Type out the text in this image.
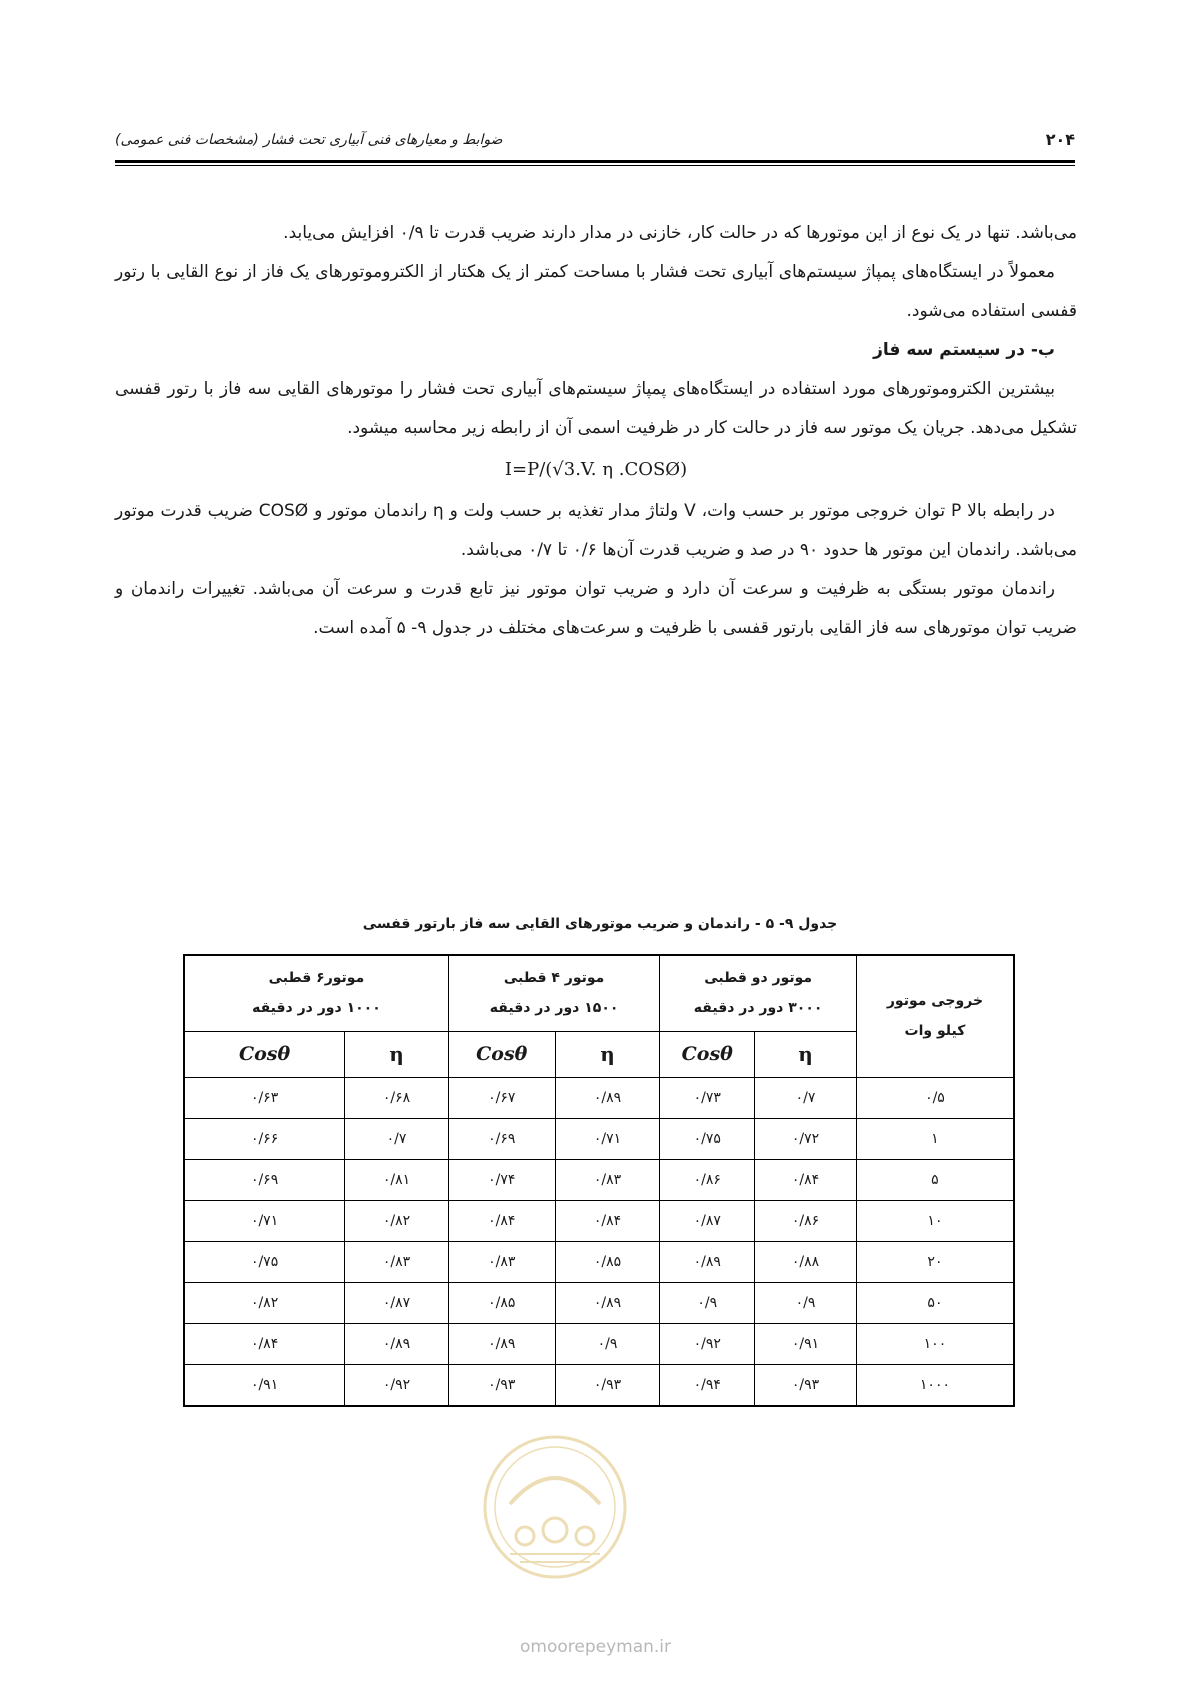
۲۰۴
ضوابط و معیارهای فنی آبیاری تحت فشار (مشخصات فنی عمومی)

می‌باشد. تنها در یک نوع از این موتورها که در حالت کار، خازنی در مدار دارند ضریب قدرت تا ۰/۹ افزایش می‌یابد.

معمولاً در ایستگاه‌های پمپاژ سیستم‌های آبیاری تحت فشار با مساحت کمتر از یک هکتار از الکتروموتورهای یک فاز از نوع القایی با رتور قفسی استفاده می‌شود.

ب- در سیستم سه فاز

بیشترین الکتروموتورهای مورد استفاده در ایستگاه‌های پمپاژ سیستم‌های آبیاری تحت فشار را موتورهای القایی سه فاز با رتور قفسی تشکیل می‌دهد. جریان یک موتور سه فاز در حالت کار در ظرفیت اسمی آن از رابطه زیر محاسبه میشود.

I=P/(√3.V. η .COSØ)

در رابطه بالا P توان خروجی موتور بر حسب وات، V ولتاژ مدار تغذیه بر حسب ولت و η راندمان موتور و COSØ ضریب قدرت موتور می‌باشد. راندمان این موتور ها حدود ۹۰ در صد و ضریب قدرت آن‌ها ۰/۶ تا ۰/۷ می‌باشد.

راندمان موتور بستگی به ظرفیت و سرعت آن دارد و ضریب توان موتور نیز تابع قدرت و سرعت آن می‌باشد. تغییرات راندمان و ضریب توان موتورهای سه فاز القایی بارتور قفسی با ظرفیت و سرعت‌های مختلف در جدول ۹- ۵ آمده است.

جدول ۹- ۵ - راندمان و ضریب موتورهای القایی سه فاز بارتور قفسی
خروجی موتور
کیلو وات	موتور دو قطبی
۳۰۰۰ دور در دقیقه		موتور ۴ قطبی
۱۵۰۰ دور در دقیقه		موتور۶ قطبی
۱۰۰۰ دور در دقیقه	

	η	Cosθ	η	Cosθ	η	Cosθ
۰/۵	۰/۷	۰/۷۳	۰/۸۹	۰/۶۷	۰/۶۸	۰/۶۳
۱	۰/۷۲	۰/۷۵	۰/۷۱	۰/۶۹	۰/۷	۰/۶۶
۵	۰/۸۴	۰/۸۶	۰/۸۳	۰/۷۴	۰/۸۱	۰/۶۹
۱۰	۰/۸۶	۰/۸۷	۰/۸۴	۰/۸۴	۰/۸۲	۰/۷۱
۲۰	۰/۸۸	۰/۸۹	۰/۸۵	۰/۸۳	۰/۸۳	۰/۷۵
۵۰	۰/۹	۰/۹	۰/۸۹	۰/۸۵	۰/۸۷	۰/۸۲
۱۰۰	۰/۹۱	۰/۹۲	۰/۹	۰/۸۹	۰/۸۹	۰/۸۴
۱۰۰۰	۰/۹۳	۰/۹۴	۰/۹۳	۰/۹۳	۰/۹۲	۰/۹۱
omoorepeyman.ir
